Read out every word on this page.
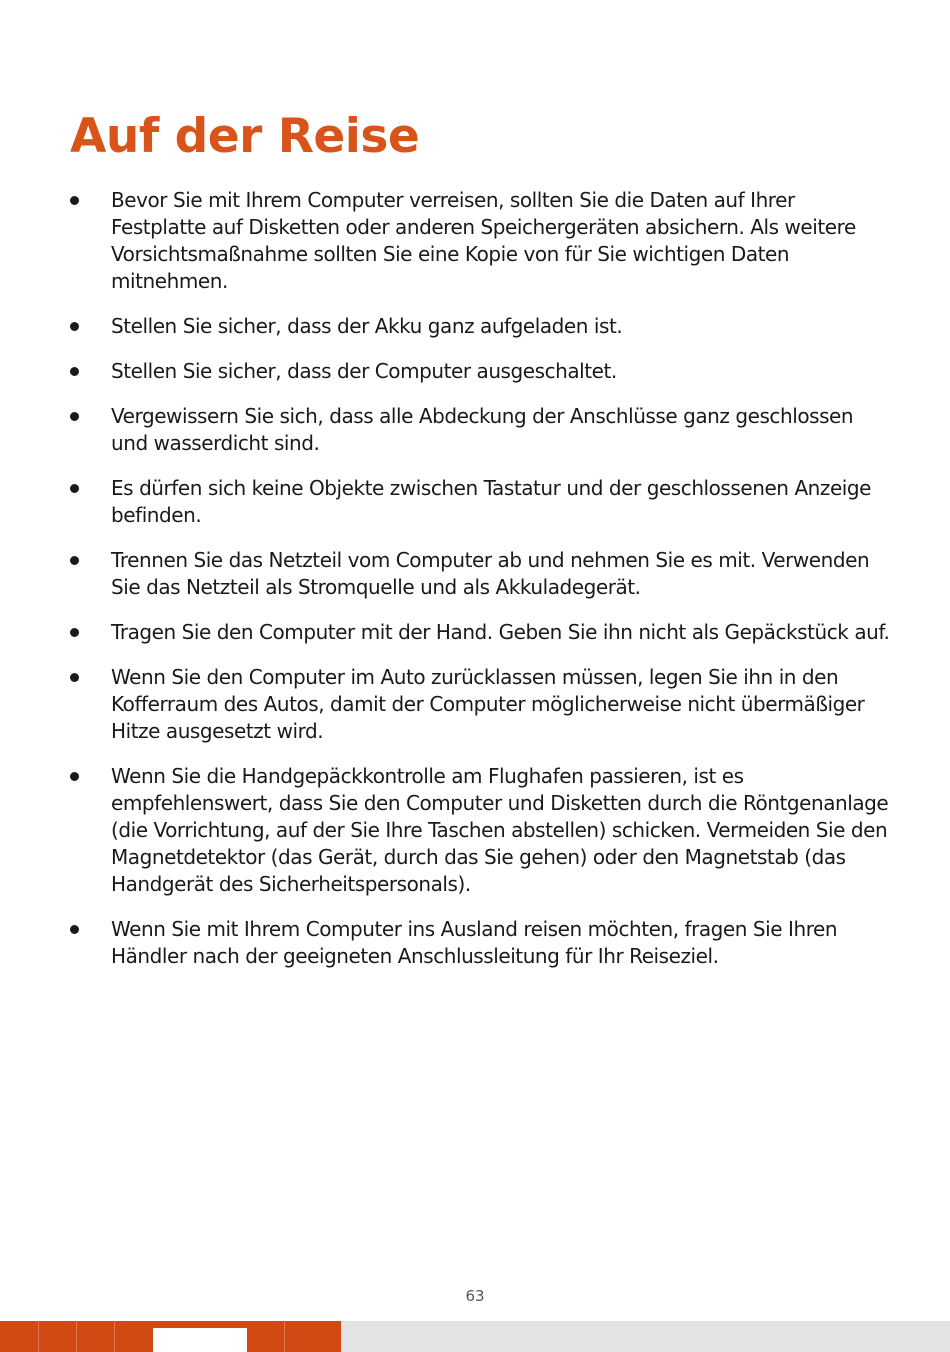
Auf der Reise
Bevor Sie mit Ihrem Computer verreisen, sollten Sie die Daten auf Ihrer Festplatte auf Disketten oder anderen Speichergeräten absichern. Als weitere Vorsichtsmaßnahme sollten Sie eine Kopie von für Sie wichtigen Daten mitnehmen.
Stellen Sie sicher, dass der Akku ganz aufgeladen ist.
Stellen Sie sicher, dass der Computer ausgeschaltet.
Vergewissern Sie sich, dass alle Abdeckung der Anschlüsse ganz geschlossen und wasserdicht sind.
Es dürfen sich keine Objekte zwischen Tastatur und der geschlossenen Anzeige befinden.
Trennen Sie das Netzteil vom Computer ab und nehmen Sie es mit. Verwenden Sie das Netzteil als Stromquelle und als Akkuladegerät.
Tragen Sie den Computer mit der Hand. Geben Sie ihn nicht als Gepäckstück auf.
Wenn Sie den Computer im Auto zurücklassen müssen, legen Sie ihn in den Kofferraum des Autos, damit der Computer möglicherweise nicht übermäßiger Hitze ausgesetzt wird.
Wenn Sie die Handgepäckkontrolle am Flughafen passieren, ist es empfehlenswert, dass Sie den Computer und Disketten durch die Röntgenanlage (die Vorrichtung, auf der Sie Ihre Taschen abstellen) schicken. Vermeiden Sie den Magnetdetektor (das Gerät, durch das Sie gehen) oder den Magnetstab (das Handgerät des Sicherheitspersonals).
Wenn Sie mit Ihrem Computer ins Ausland reisen möchten, fragen Sie Ihren Händler nach der geeigneten Anschlussleitung für Ihr Reiseziel.
63
